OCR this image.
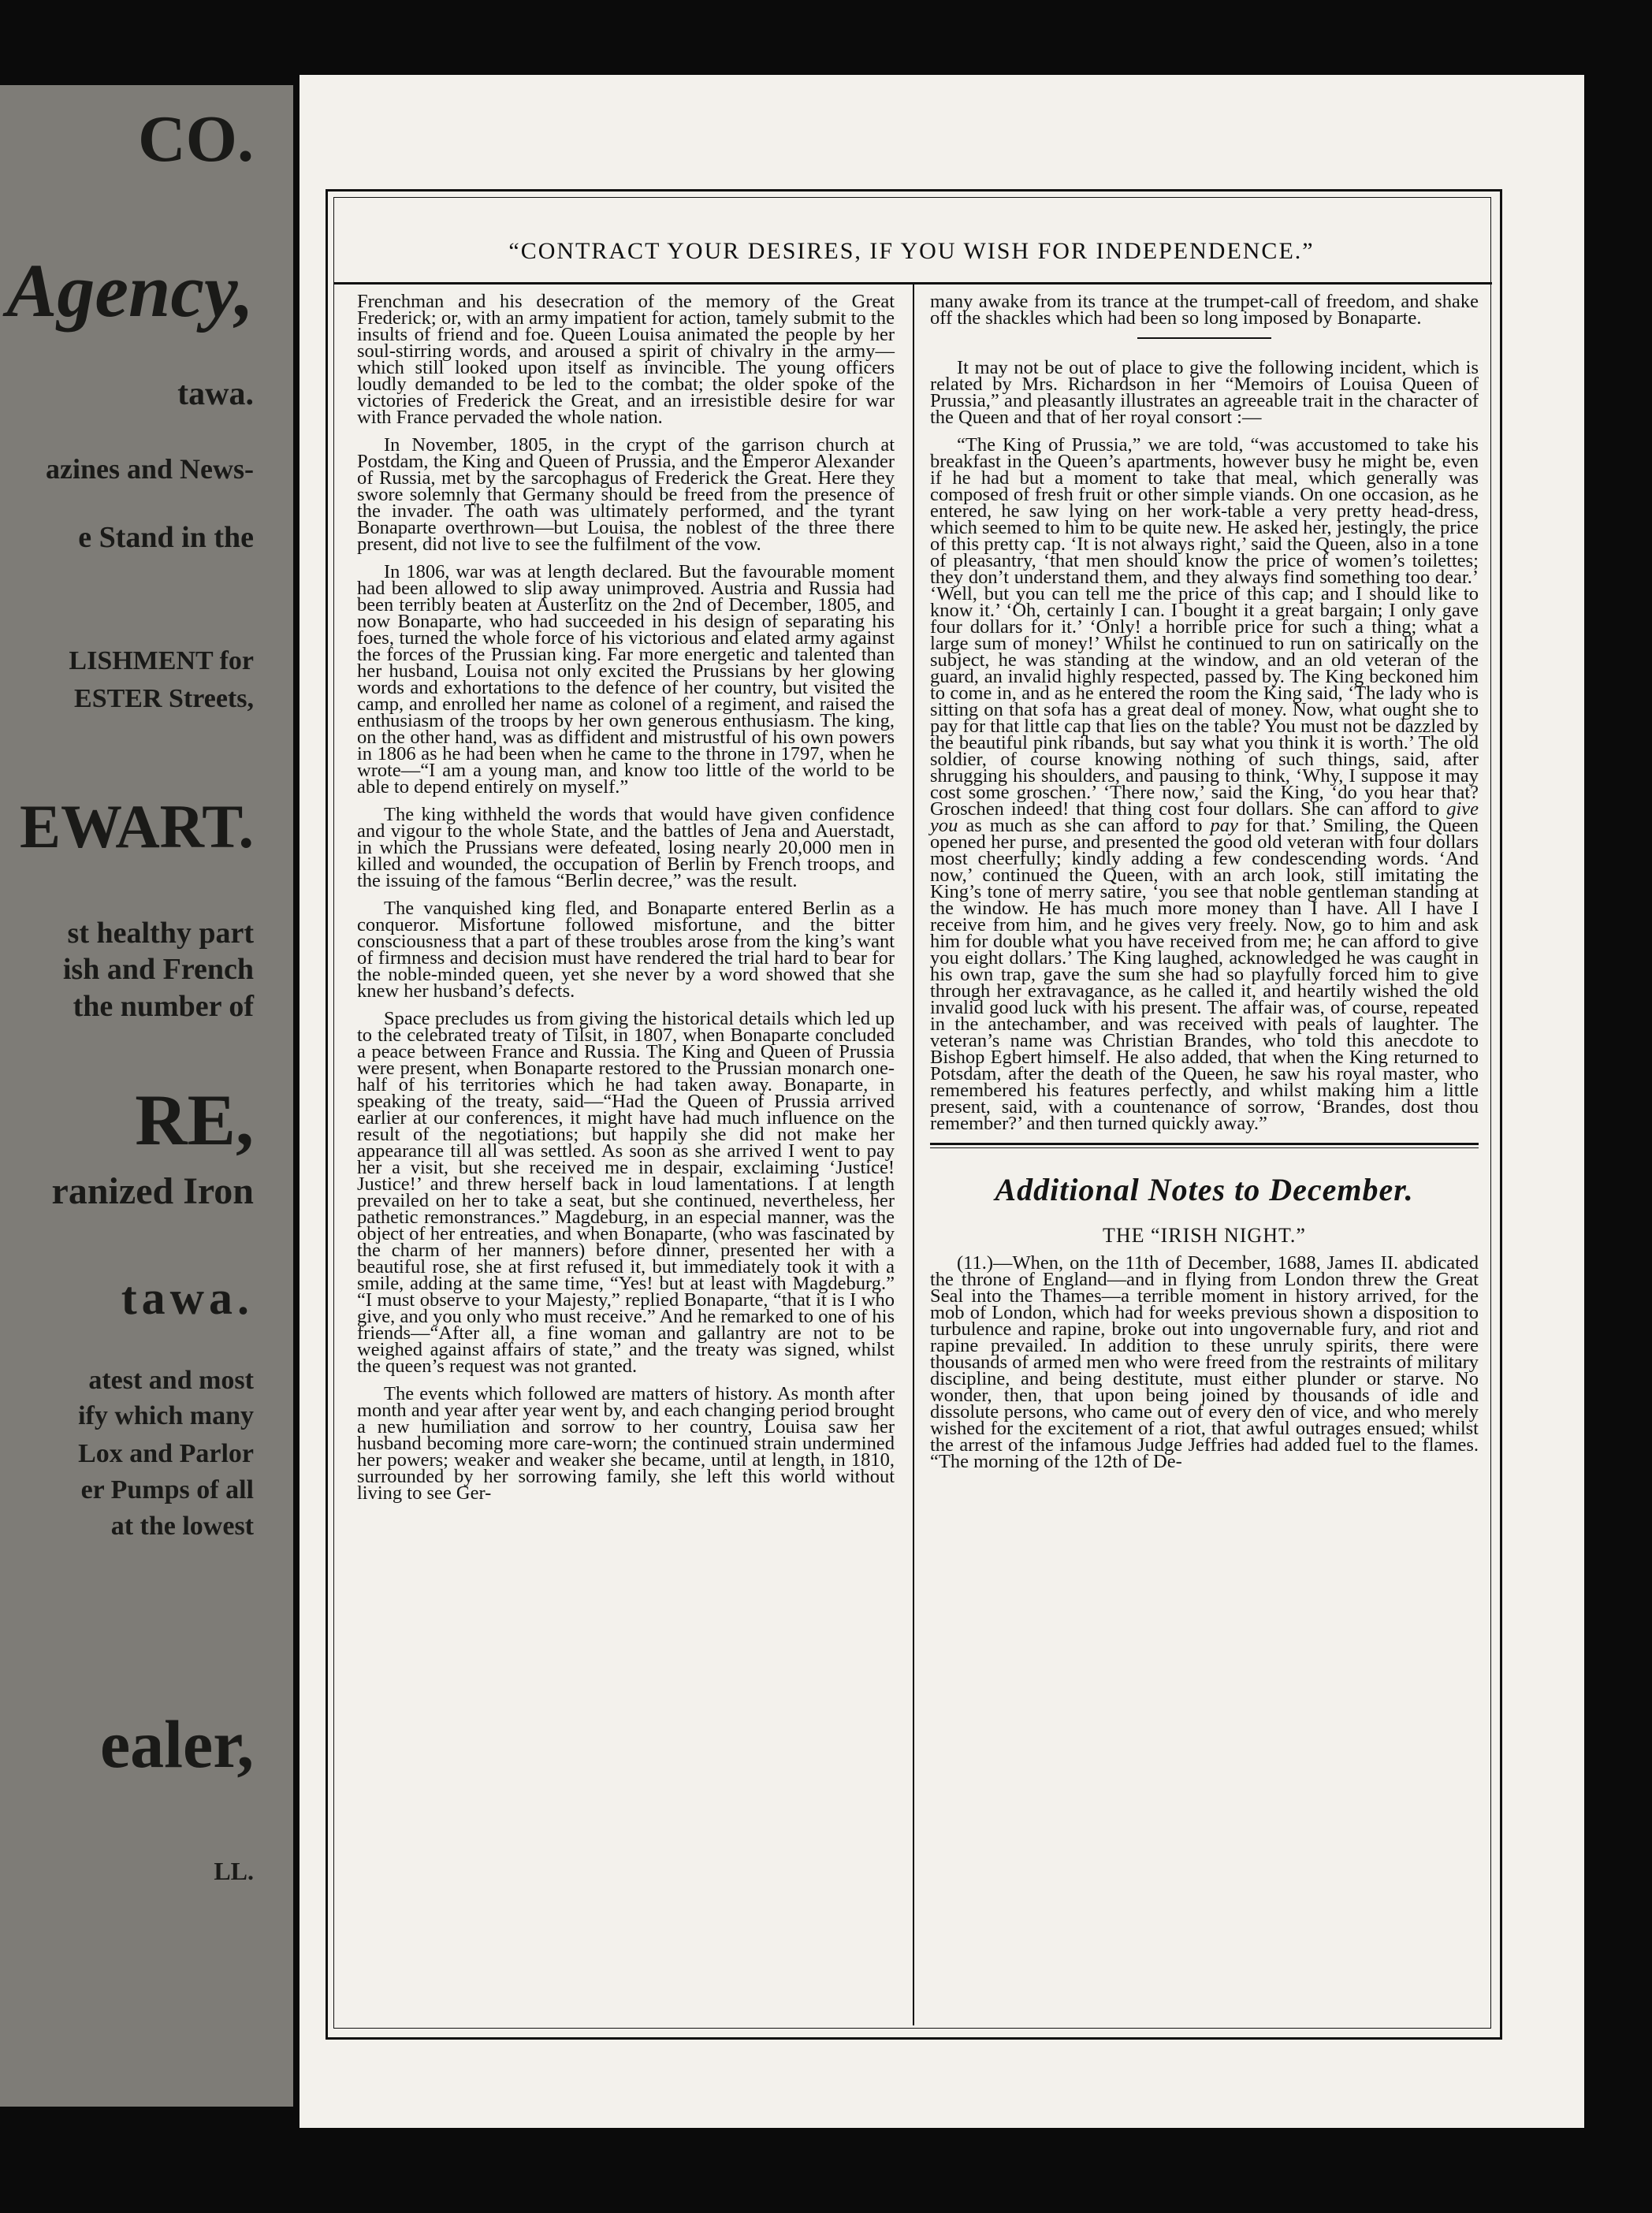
CO.
Agency,
tawa.
azines and News-
e Stand in the
LISHMENT for
ESTER Streets,
EWART.
st healthy part
ish and French
the number of
RE,
ranized Iron
tawa.
atest and most
ify which many
Lox and Parlor
er Pumps of all
at the lowest
ealer,
LL.
“CONTRACT YOUR DESIRES, IF YOU WISH FOR INDEPENDENCE.”

Frenchman and his desecration of the memory of the Great Frederick; or, with an army impatient for action, tamely submit to the insults of friend and foe. Queen Louisa animated the people by her soul-stirring words, and aroused a spirit of chivalry in the army—which still looked upon itself as invincible. The young officers loudly demanded to be led to the combat; the older spoke of the victories of Frederick the Great, and an irresistible desire for war with France pervaded the whole nation.

In November, 1805, in the crypt of the garrison church at Postdam, the King and Queen of Prussia, and the Emperor Alexander of Russia, met by the sarcophagus of Frederick the Great. Here they swore solemnly that Germany should be freed from the presence of the invader. The oath was ultimately performed, and the tyrant Bonaparte overthrown—but Louisa, the noblest of the three there present, did not live to see the fulfilment of the vow.

In 1806, war was at length declared. But the favourable moment had been allowed to slip away unimproved. Austria and Russia had been terribly beaten at Austerlitz on the 2nd of December, 1805, and now Bonaparte, who had succeeded in his design of separating his foes, turned the whole force of his victorious and elated army against the forces of the Prussian king. Far more energetic and talented than her husband, Louisa not only excited the Prussians by her glowing words and exhortations to the defence of her country, but visited the camp, and enrolled her name as colonel of a regiment, and raised the enthusiasm of the troops by her own generous enthusiasm. The king, on the other hand, was as diffident and mistrustful of his own powers in 1806 as he had been when he came to the throne in 1797, when he wrote—“I am a young man, and know too little of the world to be able to depend entirely on myself.”

The king withheld the words that would have given confidence and vigour to the whole State, and the battles of Jena and Auerstadt, in which the Prussians were defeated, losing nearly 20,000 men in killed and wounded, the occupation of Berlin by French troops, and the issuing of the famous “Berlin decree,” was the result.

The vanquished king fled, and Bonaparte entered Berlin as a conqueror. Misfortune followed misfortune, and the bitter consciousness that a part of these troubles arose from the king’s want of firmness and decision must have rendered the trial hard to bear for the noble-minded queen, yet she never by a word showed that she knew her husband’s defects.

Space precludes us from giving the historical details which led up to the celebrated treaty of Tilsit, in 1807, when Bonaparte concluded a peace between France and Russia. The King and Queen of Prussia were present, when Bonaparte restored to the Prussian monarch one-half of his territories which he had taken away. Bonaparte, in speaking of the treaty, said—“Had the Queen of Prussia arrived earlier at our conferences, it might have had much influence on the result of the negotiations; but happily she did not make her appearance till all was settled. As soon as she arrived I went to pay her a visit, but she received me in despair, exclaiming ‘Justice! Justice!’ and threw herself back in loud lamentations. I at length prevailed on her to take a seat, but she continued, nevertheless, her pathetic remonstrances.” Magdeburg, in an especial manner, was the object of her entreaties, and when Bonaparte, (who was fascinated by the charm of her manners) before dinner, presented her with a beautiful rose, she at first refused it, but immediately took it with a smile, adding at the same time, “Yes! but at least with Magdeburg.” “I must observe to your Majesty,” replied Bonaparte, “that it is I who give, and you only who must receive.” And he remarked to one of his friends—“After all, a fine woman and gallantry are not to be weighed against affairs of state,” and the treaty was signed, whilst the queen’s request was not granted.

The events which followed are matters of history. As month after month and year after year went by, and each changing period brought a new humiliation and sorrow to her country, Louisa saw her husband becoming more care-worn; the continued strain undermined her powers; weaker and weaker she became, until at length, in 1810, surrounded by her sorrowing family, she left this world without living to see Ger-

many awake from its trance at the trumpet-call of freedom, and shake off the shackles which had been so long imposed by Bonaparte.

It may not be out of place to give the following incident, which is related by Mrs. Richardson in her “Memoirs of Louisa Queen of Prussia,” and pleasantly illustrates an agreeable trait in the character of the Queen and that of her royal consort :—

“The King of Prussia,” we are told, “was accustomed to take his breakfast in the Queen’s apartments, however busy he might be, even if he had but a moment to take that meal, which generally was composed of fresh fruit or other simple viands. On one occasion, as he entered, he saw lying on her work-table a very pretty head-dress, which seemed to him to be quite new. He asked her, jestingly, the price of this pretty cap. ‘It is not always right,’ said the Queen, also in a tone of pleasantry, ‘that men should know the price of women’s toilettes; they don’t understand them, and they always find something too dear.’ ‘Well, but you can tell me the price of this cap; and I should like to know it.’ ‘Oh, certainly I can. I bought it a great bargain; I only gave four dollars for it.’ ‘Only! a horrible price for such a thing; what a large sum of money!’ Whilst he continued to run on satirically on the subject, he was standing at the window, and an old veteran of the guard, an invalid highly respected, passed by. The King beckoned him to come in, and as he entered the room the King said, ‘The lady who is sitting on that sofa has a great deal of money. Now, what ought she to pay for that little cap that lies on the table? You must not be dazzled by the beautiful pink ribands, but say what you think it is worth.’ The old soldier, of course knowing nothing of such things, said, after shrugging his shoulders, and pausing to think, ‘Why, I suppose it may cost some groschen.’ ‘There now,’ said the King, ‘do you hear that? Groschen indeed! that thing cost four dollars. She can afford to give you as much as she can afford to pay for that.’ Smiling, the Queen opened her purse, and presented the good old veteran with four dollars most cheerfully; kindly adding a few condescending words. ‘And now,’ continued the Queen, with an arch look, still imitating the King’s tone of merry satire, ‘you see that noble gentleman standing at the window. He has much more money than I have. All I have I receive from him, and he gives very freely. Now, go to him and ask him for double what you have received from me; he can afford to give you eight dollars.’ The King laughed, acknowledged he was caught in his own trap, gave the sum she had so playfully forced him to give through her extravagance, as he called it, and heartily wished the old invalid good luck with his present. The affair was, of course, repeated in the antechamber, and was received with peals of laughter. The veteran’s name was Christian Brandes, who told this anecdote to Bishop Egbert himself. He also added, that when the King returned to Potsdam, after the death of the Queen, he saw his royal master, who remembered his features perfectly, and whilst making him a little present, said, with a countenance of sorrow, ‘Brandes, dost thou remember?’ and then turned quickly away.”

Additional Notes to December.
THE “IRISH NIGHT.”

(11.)—When, on the 11th of December, 1688, James II. abdicated the throne of England—and in flying from London threw the Great Seal into the Thames—a terrible moment in history arrived, for the mob of London, which had for weeks previous shown a disposition to turbulence and rapine, broke out into ungovernable fury, and riot and rapine prevailed. In addition to these unruly spirits, there were thousands of armed men who were freed from the restraints of military discipline, and being destitute, must either plunder or starve. No wonder, then, that upon being joined by thousands of idle and dissolute persons, who came out of every den of vice, and who merely wished for the excitement of a riot, that awful outrages ensued; whilst the arrest of the infamous Judge Jeffries had added fuel to the flames. “The morning of the 12th of De-
